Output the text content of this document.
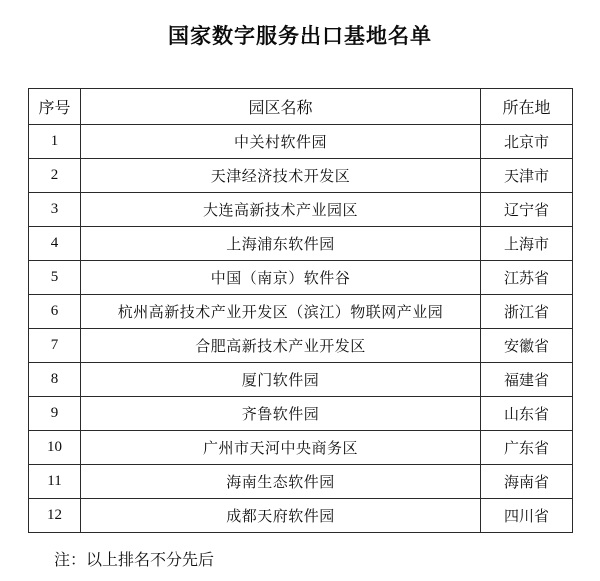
国家数字服务出口基地名单
序号	园区名称	所在地
1	中关村软件园	北京市
2	天津经济技术开发区	天津市
3	大连高新技术产业园区	辽宁省
4	上海浦东软件园	上海市
5	中国（南京）软件谷	江苏省
6	杭州高新技术产业开发区（滨江）物联网产业园	浙江省
7	合肥高新技术产业开发区	安徽省
8	厦门软件园	福建省
9	齐鲁软件园	山东省
10	广州市天河中央商务区	广东省
11	海南生态软件园	海南省
12	成都天府软件园	四川省
注：以上排名不分先后
